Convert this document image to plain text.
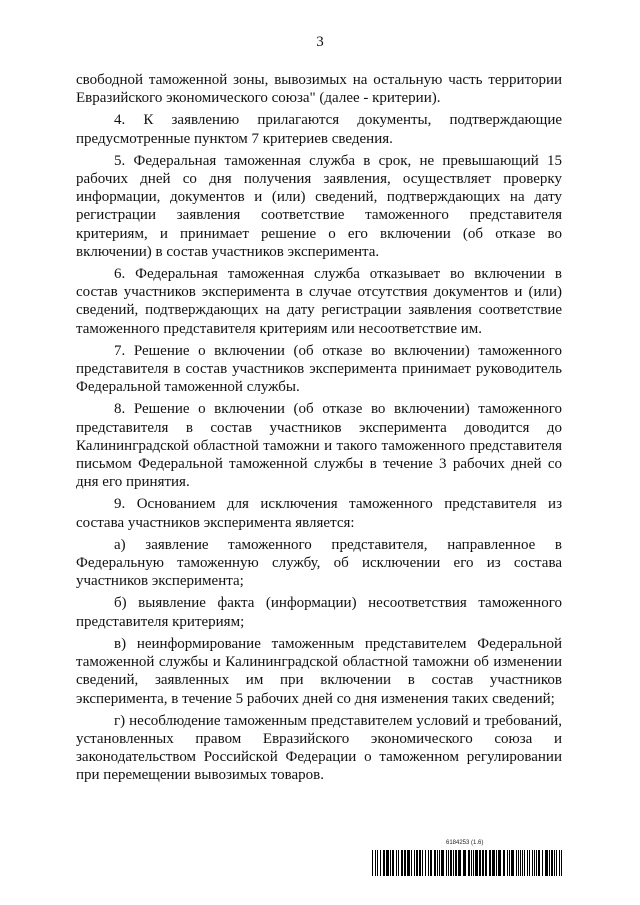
3

свободной таможенной зоны, вывозимых на остальную часть территории Евразийского экономического союза" (далее - критерии).

4. К заявлению прилагаются документы, подтверждающие предусмотренные пунктом 7 критериев сведения.

5. Федеральная таможенная служба в срок, не превышающий 15 рабочих дней со дня получения заявления, осуществляет проверку информации, документов и (или) сведений, подтверждающих на дату регистрации заявления соответствие таможенного представителя критериям, и принимает решение о его включении (об отказе во включении) в состав участников эксперимента.

6. Федеральная таможенная служба отказывает во включении в состав участников эксперимента в случае отсутствия документов и (или) сведений, подтверждающих на дату регистрации заявления соответствие таможенного представителя критериям или несоответствие им.

7. Решение о включении (об отказе во включении) таможенного представителя в состав участников эксперимента принимает руководитель Федеральной таможенной службы.

8. Решение о включении (об отказе во включении) таможенного представителя в состав участников эксперимента доводится до Калининградской областной таможни и такого таможенного представителя письмом Федеральной таможенной службы в течение 3 рабочих дней со дня его принятия.

9. Основанием для исключения таможенного представителя из состава участников эксперимента является:

а) заявление таможенного представителя, направленное в Федеральную таможенную службу, об исключении его из состава участников эксперимента;

б) выявление факта (информации) несоответствия таможенного представителя критериям;

в) неинформирование таможенным представителем Федеральной таможенной службы и Калининградской областной таможни об изменении сведений, заявленных им при включении в состав участников эксперимента, в течение 5 рабочих дней со дня изменения таких сведений;

г) несоблюдение таможенным представителем условий и требований, установленных правом Евразийского экономического союза и законодательством Российской Федерации о таможенном регулировании при перемещении вывозимых товаров.

6184253 (1.6)
